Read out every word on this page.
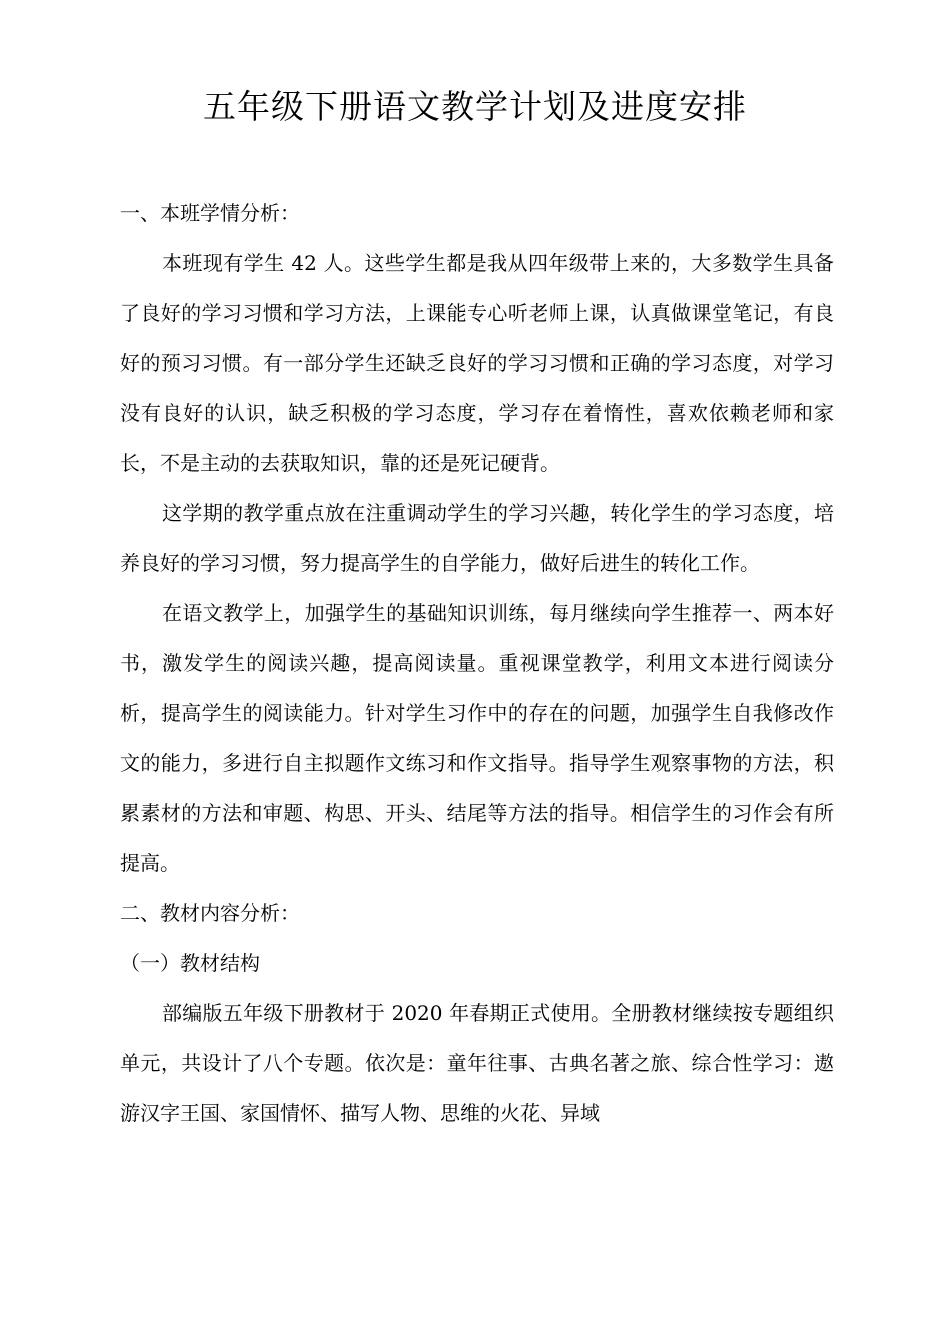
五年级下册语文教学计划及进度安排

一、本班学情分析：

本班现有学生 42 人。这些学生都是我从四年级带上来的，大多数学生具备了良好的学习习惯和学习方法，上课能专心听老师上课，认真做课堂笔记，有良好的预习习惯。有一部分学生还缺乏良好的学习习惯和正确的学习态度，对学习没有良好的认识，缺乏积极的学习态度，学习存在着惰性，喜欢依赖老师和家长，不是主动的去获取知识，靠的还是死记硬背。

这学期的教学重点放在注重调动学生的学习兴趣，转化学生的学习态度，培养良好的学习习惯，努力提高学生的自学能力，做好后进生的转化工作。

在语文教学上，加强学生的基础知识训练，每月继续向学生推荐一、两本好书，激发学生的阅读兴趣，提高阅读量。重视课堂教学，利用文本进行阅读分析，提高学生的阅读能力。针对学生习作中的存在的问题，加强学生自我修改作文的能力，多进行自主拟题作文练习和作文指导。指导学生观察事物的方法，积累素材的方法和审题、构思、开头、结尾等方法的指导。相信学生的习作会有所提高。

二、教材内容分析：

（一）教材结构

部编版五年级下册教材于 2020 年春期正式使用。全册教材继续按专题组织单元，共设计了八个专题。依次是：童年往事、古典名著之旅、综合性学习：遨游汉字王国、家国情怀、描写人物、思维的火花、异域
